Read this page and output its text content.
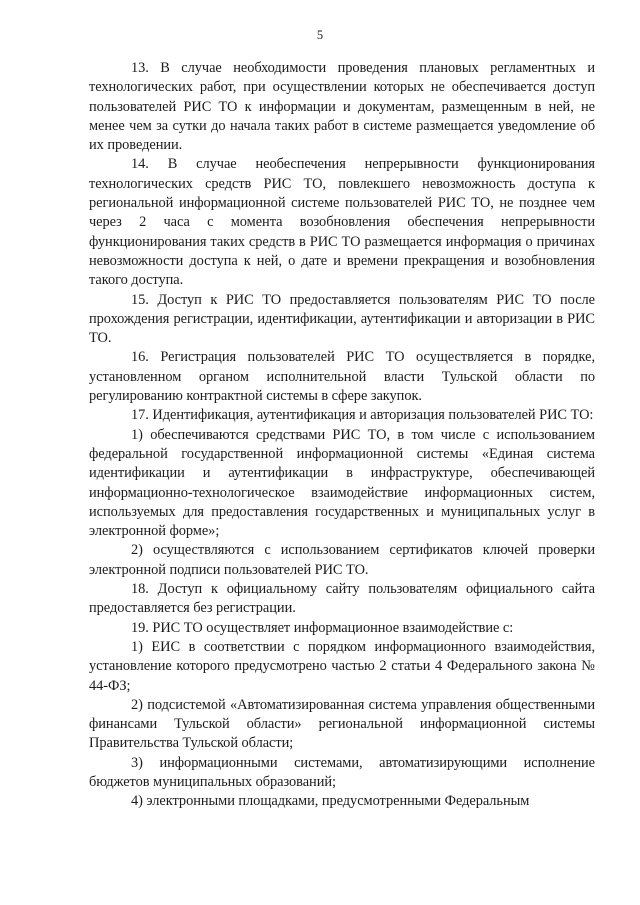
5

13. В случае необходимости проведения плановых регламентных и технологических работ, при осуществлении которых не обеспечивается доступ пользователей РИС ТО к информации и документам, размещенным в ней, не менее чем за сутки до начала таких работ в системе размещается уведомление об их проведении.

14. В случае необеспечения непрерывности функционирования технологических средств РИС ТО, повлекшего невозможность доступа к региональной информационной системе пользователей РИС ТО, не позднее чем через 2 часа с момента возобновления обеспечения непрерывности функционирования таких средств в РИС ТО размещается информация о причинах невозможности доступа к ней, о дате и времени прекращения и возобновления такого доступа.

15. Доступ к РИС ТО предоставляется пользователям РИС ТО после прохождения регистрации, идентификации, аутентификации и авторизации в РИС ТО.

16. Регистрация пользователей РИС ТО осуществляется в порядке, установленном органом исполнительной власти Тульской области по регулированию контрактной системы в сфере закупок.

17. Идентификация, аутентификация и авторизация пользователей РИС ТО:

1) обеспечиваются средствами РИС ТО, в том числе с использованием федеральной государственной информационной системы «Единая система идентификации и аутентификации в инфраструктуре, обеспечивающей информационно-технологическое взаимодействие информационных систем, используемых для предоставления государственных и муниципальных услуг в электронной форме»;

2) осуществляются с использованием сертификатов ключей проверки электронной подписи пользователей РИС ТО.

18. Доступ к официальному сайту пользователям официального сайта предоставляется без регистрации.

19. РИС ТО осуществляет информационное взаимодействие с:

1) ЕИС в соответствии с порядком информационного взаимодействия, установление которого предусмотрено частью 2 статьи 4 Федерального закона № 44-ФЗ;

2) подсистемой «Автоматизированная система управления общественными финансами Тульской области» региональной информационной системы Правительства Тульской области;

3) информационными системами, автоматизирующими исполнение бюджетов муниципальных образований;

4) электронными площадками, предусмотренными Федеральным
